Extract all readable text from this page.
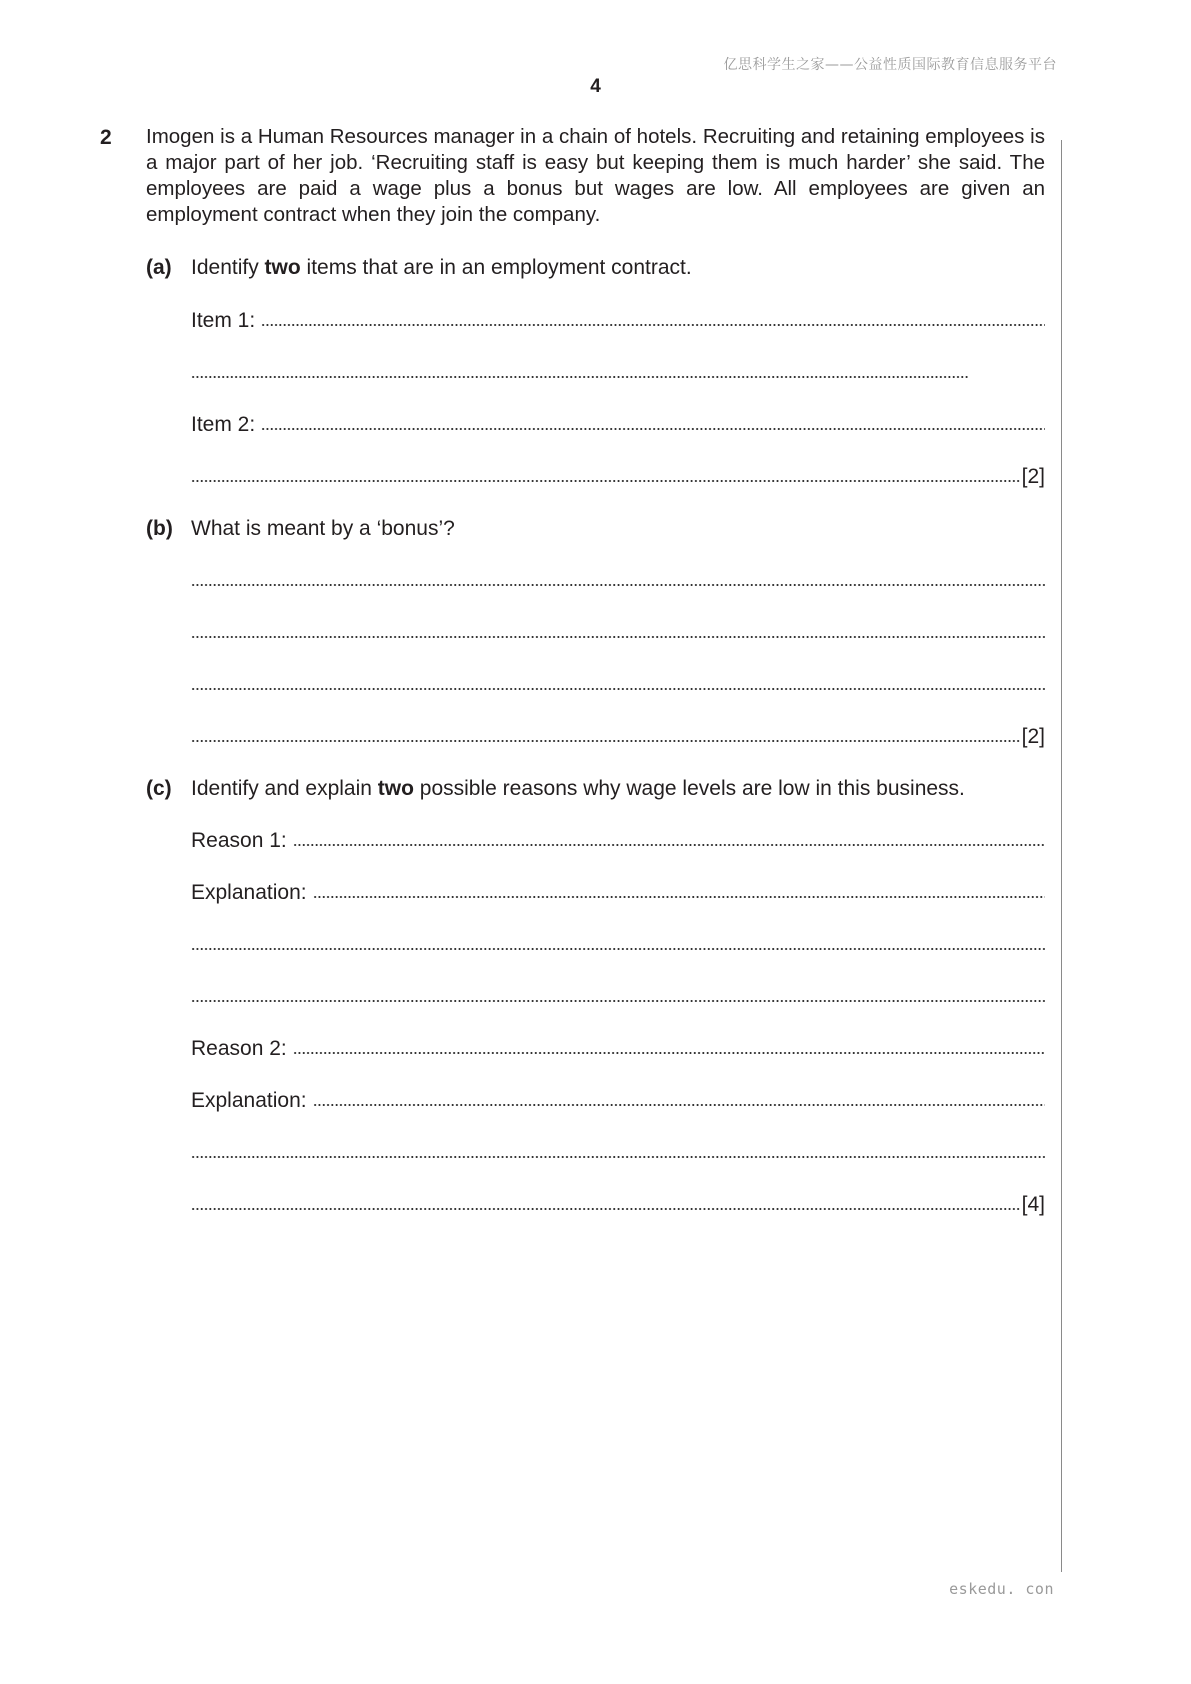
亿思科学生之家——公益性质国际教育信息服务平台
4
2 Imogen is a Human Resources manager in a chain of hotels. Recruiting and retaining employees is a major part of her job. ‘Recruiting staff is easy but keeping them is much harder’ she said. The employees are paid a wage plus a bonus but wages are low. All employees are given an employment contract when they join the company.
(a) Identify two items that are in an employment contract.
Item 1:
Item 2:
[2]
(b) What is meant by a ‘bonus’?
[2]
(c) Identify and explain two possible reasons why wage levels are low in this business.
Reason 1:
Explanation:
Reason 2:
Explanation:
[4]
eskedu. con
